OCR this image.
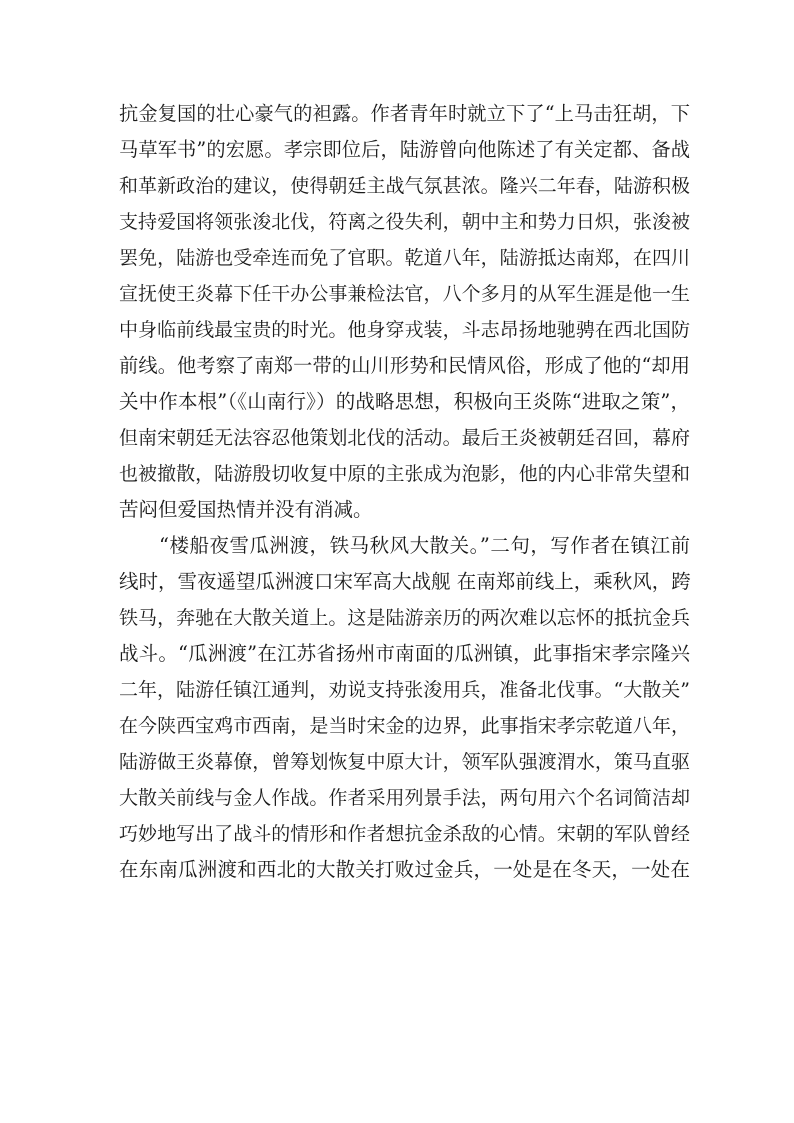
抗金复国的壮心豪气的袒露。作者青年时就立下了“上马击狂胡，下
马草军书”的宏愿。孝宗即位后，陆游曾向他陈述了有关定都、备战
和革新政治的建议，使得朝廷主战气氛甚浓。隆兴二年春，陆游积极
支持爱国将领张浚北伐，符离之役失利，朝中主和势力日炽，张浚被
罢免，陆游也受牵连而免了官职。乾道八年，陆游抵达南郑，在四川
宣抚使王炎幕下任干办公事兼检法官，八个多月的从军生涯是他一生
中身临前线最宝贵的时光。他身穿戎装，斗志昂扬地驰骋在西北国防
前线。他考察了南郑一带的山川形势和民情风俗，形成了他的“却用
关中作本根”（《山南行》）的战略思想，积极向王炎陈“进取之策”，
但南宋朝廷无法容忍他策划北伐的活动。最后王炎被朝廷召回，幕府
也被撤散，陆游殷切收复中原的主张成为泡影，他的内心非常失望和
苦闷但爱国热情并没有消减。
“楼船夜雪瓜洲渡，铁马秋风大散关。”二句，写作者在镇江前
线时，雪夜遥望瓜洲渡口宋军高大战舰 在南郑前线上，乘秋风，跨
铁马，奔驰在大散关道上。这是陆游亲历的两次难以忘怀的抵抗金兵
战斗。“瓜洲渡”在江苏省扬州市南面的瓜洲镇，此事指宋孝宗隆兴
二年，陆游任镇江通判，劝说支持张浚用兵，准备北伐事。“大散关”
在今陕西宝鸡市西南，是当时宋金的边界，此事指宋孝宗乾道八年，
陆游做王炎幕僚，曾筹划恢复中原大计，领军队强渡渭水，策马直驱
大散关前线与金人作战。作者采用列景手法，两句用六个名词简洁却
巧妙地写出了战斗的情形和作者想抗金杀敌的心情。宋朝的军队曾经
在东南瓜洲渡和西北的大散关打败过金兵，一处是在冬天，一处在
